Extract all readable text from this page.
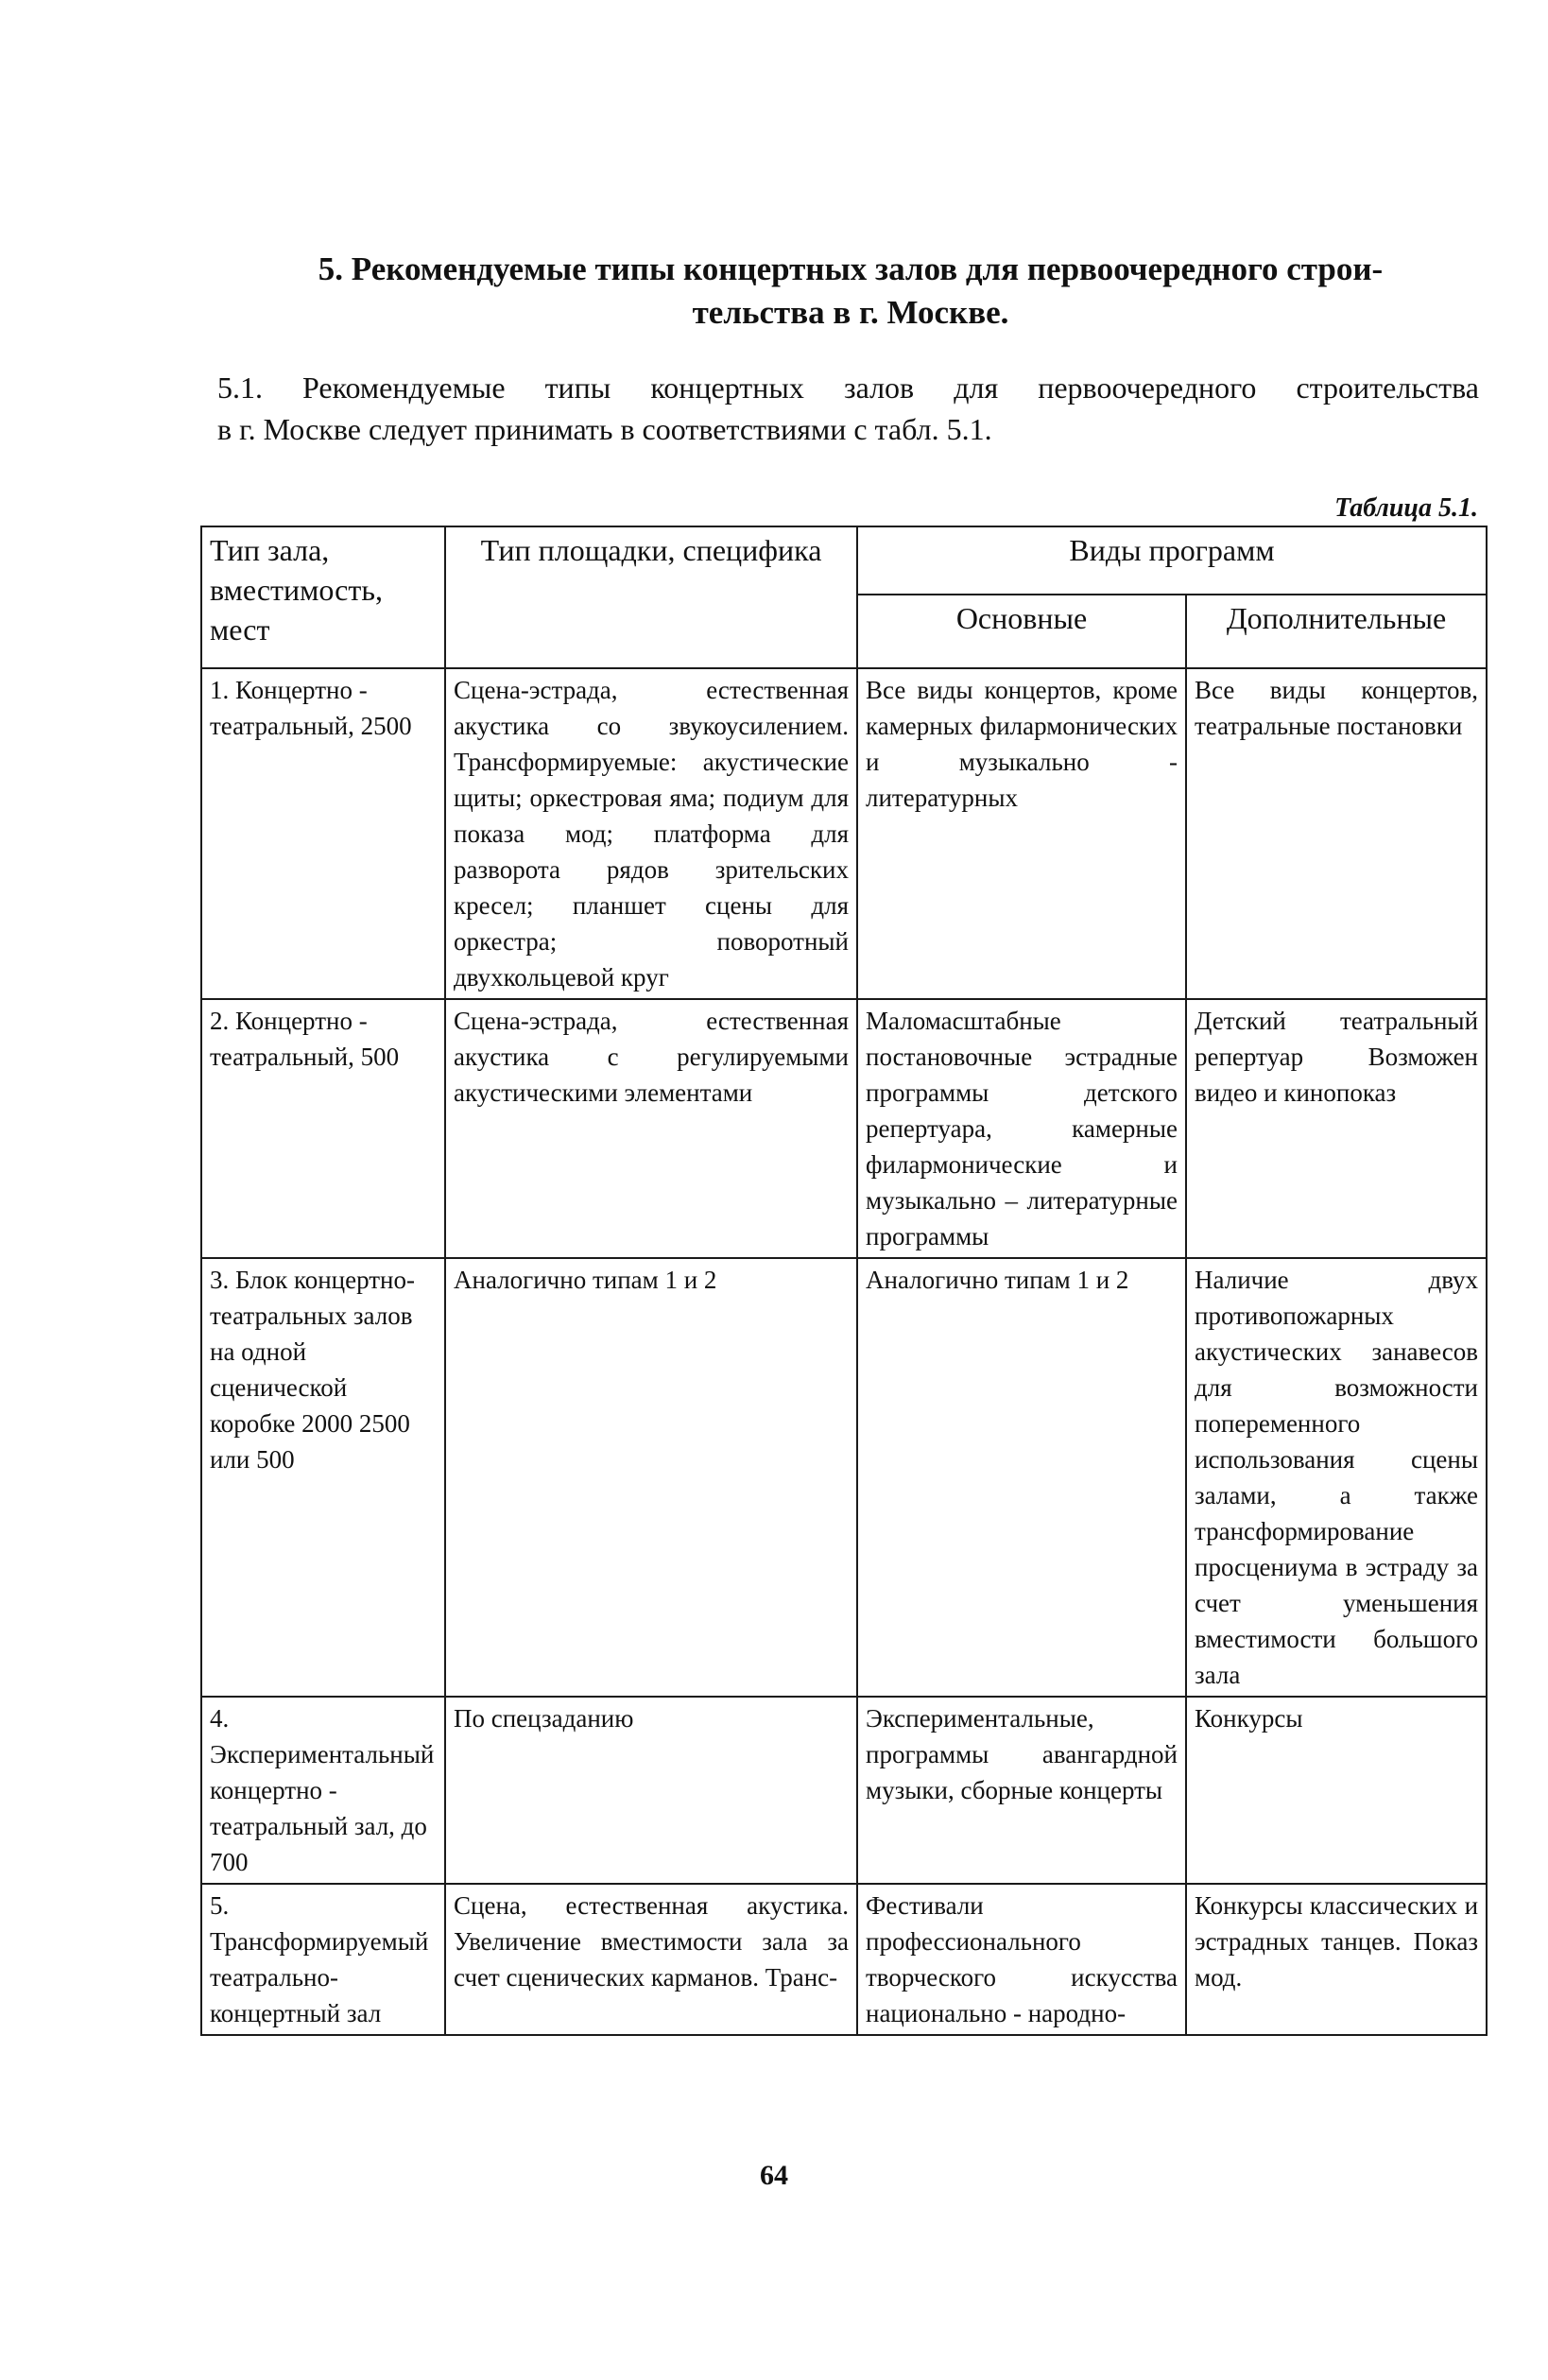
5. Рекомендуемые типы концертных залов для первоочередного строи-
тельства в г. Москве.
5.1. Рекомендуемые типы концертных залов для первоочередного строительства
в г. Москве следует принимать в соответствиями с табл. 5.1.
Таблица 5.1.
Тип зала, вместимость, мест	Тип площадки, специфика	Виды программ	
		Основные	Дополнительные
1. Концертно - театральный, 2500	Сцена-эстрада, естественная акустика со звукоусилением. Трансформируемые: акустические щиты; оркестровая яма; подиум для показа мод; платформа для разворота рядов зрительских кресел; планшет сцены для оркестра; поворотный двухкольцевой круг	Все виды концертов, кроме камерных филармонических и музыкально - литературных	Все виды концертов, театральные постановки
2. Концертно - театральный, 500	Сцена-эстрада, естественная акустика с регулируемыми акустическими элементами	Маломасштабные постановочные эстрадные программы детского репертуара, камерные филармонические и музыкально – литературные программы	Детский театральный репертуар Возможен видео и кинопоказ
3. Блок концертно-театральных залов на одной сценической коробке 2000 2500 или 500	Аналогично типам 1 и 2	Аналогично типам 1 и 2	Наличие двух противопожарных акустических занавесов для возможности попеременного использования сцены залами, а также трансформирование просцениума в эстраду за счет уменьшения вместимости большого зала
4. Экспериментальный концертно - театральный зал, до 700	По спецзаданию	Экспериментальные, программы авангардной музыки, сборные концерты	Конкурсы
5. Трансформируемый театрально-концертный зал	Сцена, естественная акустика. Увеличение вместимости зала за счет сценических карманов. Транс-	Фестивали профессионального творческого искусства национально - народно-	Конкурсы классических и эстрадных танцев. Показ мод.
64
